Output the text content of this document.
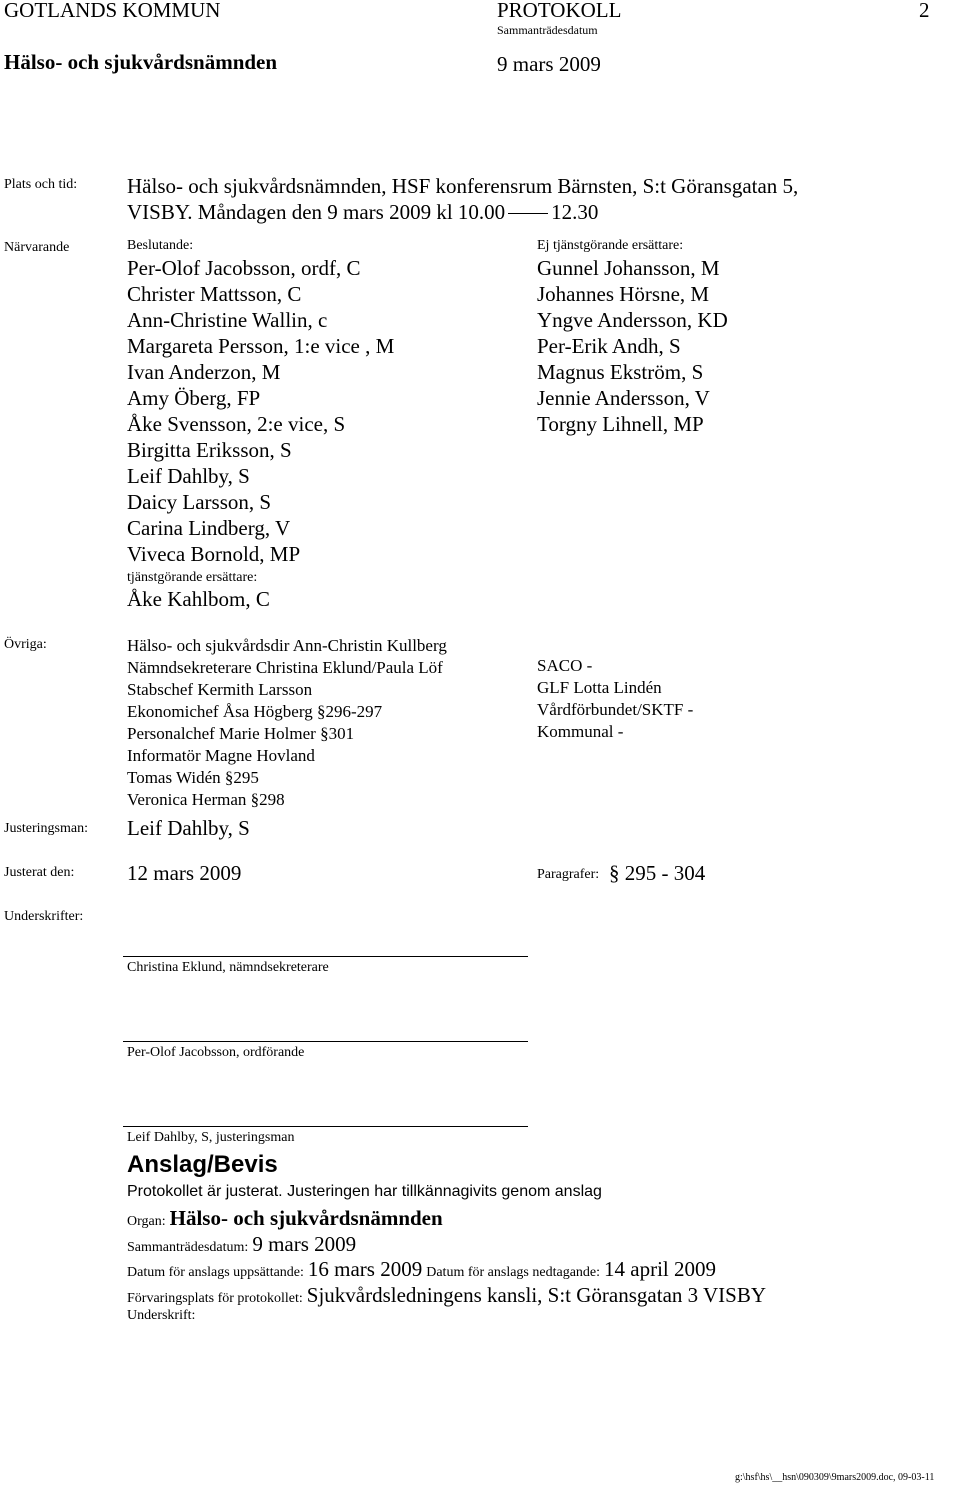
GOTLANDS KOMMUN	PROTOKOLL	2
Sammanträdesdatum
Hälso- och sjukvårdsnämnden	9 mars 2009
Plats och tid: Hälso- och sjukvårdsnämnden, HSF konferensrum Bärnsten, S:t Göransgatan 5,
VISBY. Måndagen den 9 mars 2009 kl 10.00 12.30
Närvarande	Beslutande:
Per-Olof Jacobsson, ordf, C
Christer Mattsson, C
Ann-Christine Wallin, c
Margareta Persson, 1:e vice , M
Ivan Anderzon, M
Amy Öberg, FP
Åke Svensson, 2:e vice, S
Birgitta Eriksson, S
Leif Dahlby, S
Daicy Larsson, S
Carina Lindberg, V
Viveca Bornold, MP
tjänstgörande ersättare:
Åke Kahlbom, C
Ej tjänstgörande ersättare:
Gunnel Johansson, M
Johannes Hörsne, M
Yngve Andersson, KD
Per-Erik Andh, S
Magnus Ekström, S
Jennie Andersson, V
Torgny Lihnell, MP
Övriga:	Hälso- och sjukvårdsdir Ann-Christin Kullberg
Nämndsekreterare Christina Eklund/Paula Löf
Stabschef Kermith Larsson
Ekonomichef Åsa Högberg §296-297
Personalchef Marie Holmer §301
Informatör Magne Hovland
Tomas Widén §295
Veronica Herman §298
SACO -
GLF Lotta Lindén
Vårdförbundet/SKTF -
Kommunal -
Justeringsman: Leif Dahlby, S
Justerat den:	12 mars 2009	Paragrafer: § 295 - 304
Underskrifter:
Christina Eklund, nämndsekreterare
Per-Olof Jacobsson, ordförande
Leif Dahlby, S, justeringsman
Anslag/Bevis
Protokollet är justerat. Justeringen har tillkännagivits genom anslag
Organ: Hälso- och sjukvårdsnämnden
Sammanträdesdatum: 9 mars 2009
Datum för anslags uppsättande: 16 mars 2009 Datum för anslags nedtagande: 14 april 2009
Förvaringsplats för protokollet: Sjukvårdsledningens kansli, S:t Göransgatan 3 VISBY
Underskrift:
g:\hsf\hs\__hsn\090309\9mars2009.doc, 09-03-11
